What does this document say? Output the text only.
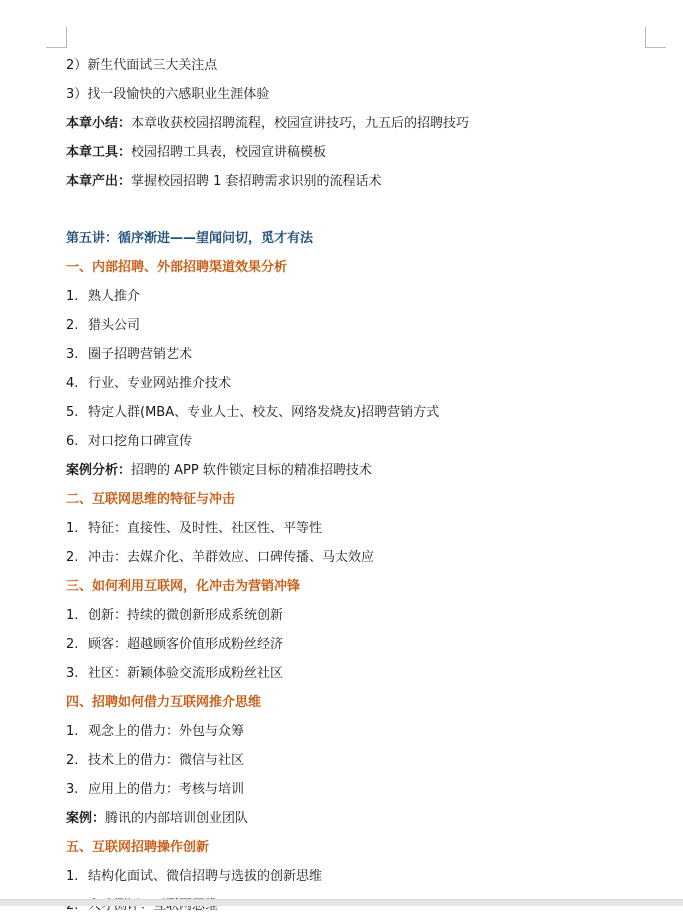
2）新生代面试三大关注点
3）找一段愉快的六感职业生涯体验
本章小结：本章收获校园招聘流程，校园宣讲技巧，九五后的招聘技巧
本章工具：校园招聘工具表，校园宣讲稿模板
本章产出：掌握校园招聘 1 套招聘需求识别的流程话术
第五讲：循序渐进——望闻问切，觅才有法
一、内部招聘、外部招聘渠道效果分析
1. 熟人推介
2. 猎头公司
3. 圈子招聘营销艺术
4. 行业、专业网站推介技术
5. 特定人群(MBA、专业人士、校友、网络发烧友)招聘营销方式
6. 对口挖角口碑宣传
案例分析：招聘的 APP 软件锁定目标的精准招聘技术
二、互联网思维的特征与冲击
1. 特征：直接性、及时性、社区性、平等性
2. 冲击：去媒介化、羊群效应、口碑传播、马太效应
三、如何利用互联网，化冲击为营销冲锋
1. 创新：持续的微创新形成系统创新
2. 顾客：超越顾客价值形成粉丝经济
3. 社区：新颖体验交流形成粉丝社区
四、招聘如何借力互联网推介思维
1. 观念上的借力：外包与众筹
2. 技术上的借力：微信与社区
3. 应用上的借力：考核与培训
案例：腾讯的内部培训创业团队
五、互联网招聘操作创新
1. 结构化面试、微信招聘与选拔的创新思维
